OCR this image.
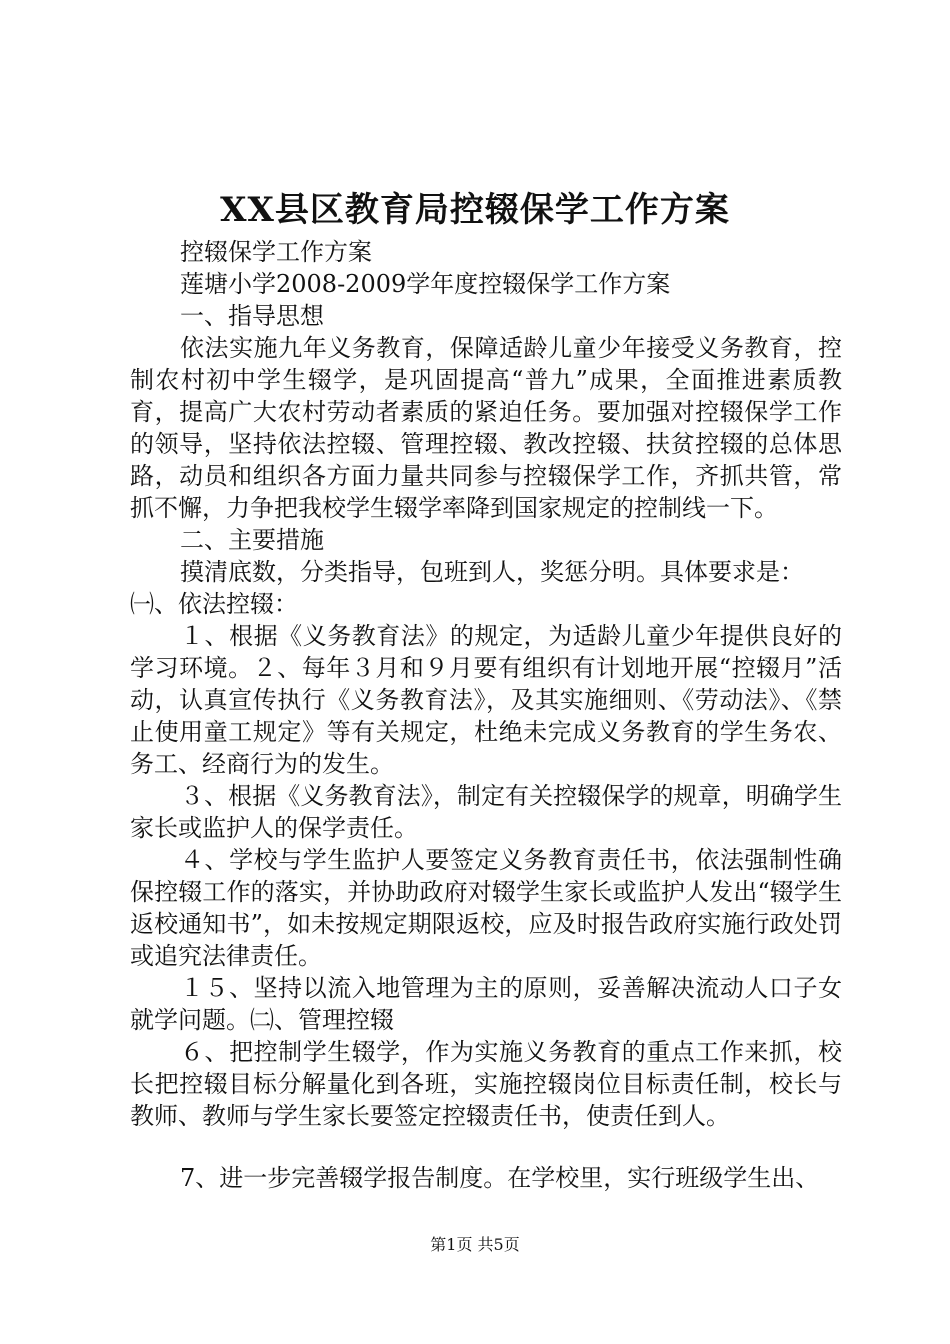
XX县区教育局控辍保学工作方案

控辍保学工作方案

莲塘小学2008-2009学年度控辍保学工作方案

一、指导思想

依法实施九年义务教育，保障适龄儿童少年接受义务教育，控制农村初中学生辍学，是巩固提高“普九”成果，全面推进素质教育，提高广大农村劳动者素质的紧迫任务。要加强对控辍保学工作的领导，坚持依法控辍、管理控辍、教改控辍、扶贫控辍的总体思路，动员和组织各方面力量共同参与控辍保学工作，齐抓共管，常抓不懈，力争把我校学生辍学率降到国家规定的控制线一下。

二、主要措施

摸清底数，分类指导，包班到人，奖惩分明。具体要求是：

㈠、依法控辍：

１、根据《义务教育法》的规定，为适龄儿童少年提供良好的学习环境。２、每年３月和９月要有组织有计划地开展“控辍月”活动，认真宣传执行《义务教育法》，及其实施细则、《劳动法》、《禁止使用童工规定》等有关规定，杜绝未完成义务教育的学生务农、务工、经商行为的发生。

３、根据《义务教育法》，制定有关控辍保学的规章，明确学生家长或监护人的保学责任。

４、学校与学生监护人要签定义务教育责任书，依法强制性确保控辍工作的落实，并协助政府对辍学生家长或监护人发出“辍学生返校通知书”，如未按规定期限返校，应及时报告政府实施行政处罚或追究法律责任。

１５、坚持以流入地管理为主的原则，妥善解决流动人口子女就学问题。㈡、管理控辍

６、把控制学生辍学，作为实施义务教育的重点工作来抓，校长把控辍目标分解量化到各班，实施控辍岗位目标责任制，校长与教师、教师与学生家长要签定控辍责任书，使责任到人。

7、进一步完善辍学报告制度。在学校里，实行班级学生出、

第1页 共5页
